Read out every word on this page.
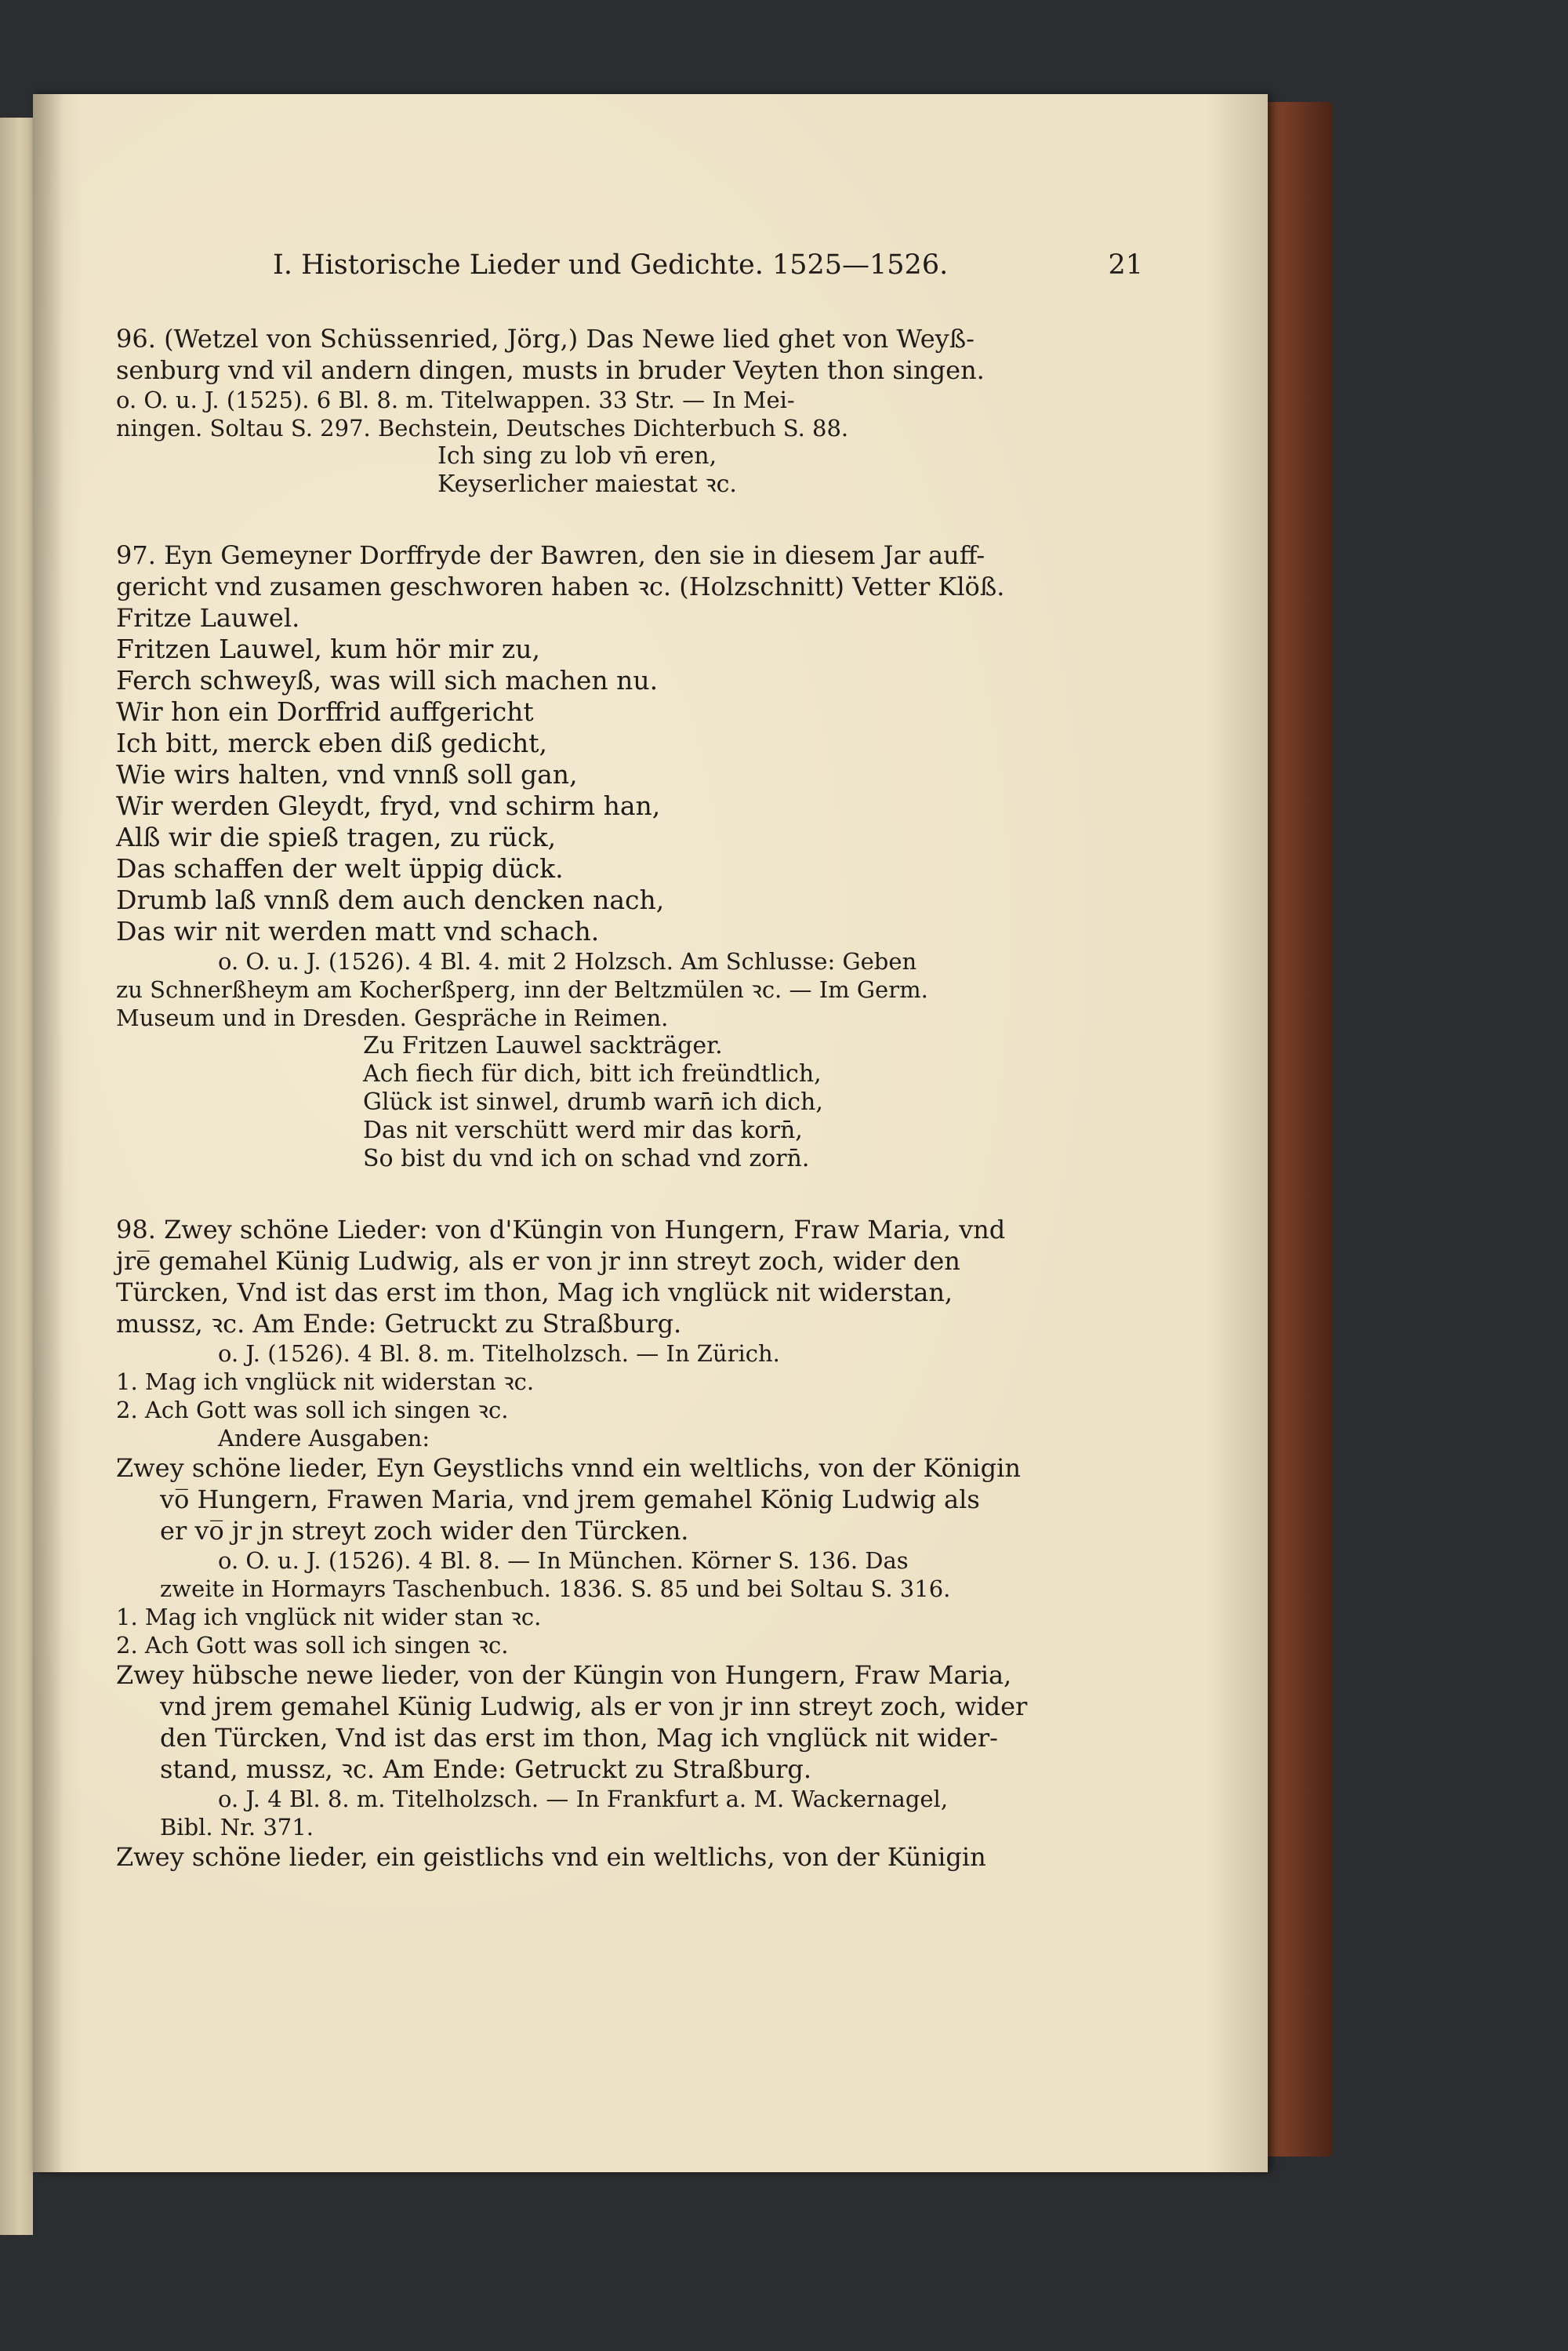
I. Historische Lieder und Gedichte. 1525—1526.	21

96. (Wetzel von Schüssenried, Jörg,) Das Newe lied ghet von Weyß-

senburg vnd vil andern dingen, musts in bruder Veyten thon singen.

o. O. u. J. (1525). 6 Bl. 8. m. Titelwappen. 33 Str. — In Mei-

ningen. Soltau S. 297. Bechstein, Deutsches Dichterbuch S. 88.

Ich sing zu lob vn̄ eren,

Keyserlicher maiestat ꝛc.

97. Eyn Gemeyner Dorffryde der Bawren, den sie in diesem Jar auff-

gericht vnd zusamen geschworen haben ꝛc. (Holzschnitt) Vetter Klöß.

Fritze Lauwel.

Fritzen Lauwel, kum hör mir zu,

Ferch schweyß, was will sich machen nu.

Wir hon ein Dorffrid auffgericht

Ich bitt, merck eben diß gedicht,

Wie wirs halten, vnd vnnß soll gan,

Wir werden Gleydt, fryd, vnd schirm han,

Alß wir die spieß tragen, zu rück,

Das schaffen der welt üppig dück.

Drumb laß vnnß dem auch dencken nach,

Das wir nit werden matt vnd schach.

o. O. u. J. (1526). 4 Bl. 4. mit 2 Holzsch. Am Schlusse: Geben

zu Schnerßheym am Kocherßperg, inn der Beltzmülen ꝛc. — Im Germ.

Museum und in Dresden. Gespräche in Reimen.

Zu Fritzen Lauwel sackträger.

Ach fiech für dich, bitt ich freündtlich,

Glück ist sinwel, drumb warn̄ ich dich,

Das nit verschütt werd mir das korn̄,

So bist du vnd ich on schad vnd zorn̄.

98. Zwey schöne Lieder: von d'Küngin von Hungern, Fraw Maria, vnd

jre̅ gemahel Künig Ludwig, als er von jr inn streyt zoch, wider den

Türcken, Vnd ist das erst im thon, Mag ich vnglück nit widerstan,

mussz, ꝛc. Am Ende: Getruckt zu Straßburg.

o. J. (1526). 4 Bl. 8. m. Titelholzsch. — In Zürich.

1. Mag ich vnglück nit widerstan ꝛc.

2. Ach Gott was soll ich singen ꝛc.

Andere Ausgaben:

Zwey schöne lieder, Eyn Geystlichs vnnd ein weltlichs, von der Königin

vo̅ Hungern, Frawen Maria, vnd jrem gemahel König Ludwig als

er vo̅ jr jn streyt zoch wider den Türcken.

o. O. u. J. (1526). 4 Bl. 8. — In München. Körner S. 136. Das

zweite in Hormayrs Taschenbuch. 1836. S. 85 und bei Soltau S. 316.

1. Mag ich vnglück nit wider stan ꝛc.

2. Ach Gott was soll ich singen ꝛc.

Zwey hübsche newe lieder, von der Küngin von Hungern, Fraw Maria,

vnd jrem gemahel Künig Ludwig, als er von jr inn streyt zoch, wider

den Türcken, Vnd ist das erst im thon, Mag ich vnglück nit wider-

stand, mussz, ꝛc. Am Ende: Getruckt zu Straßburg.

o. J. 4 Bl. 8. m. Titelholzsch. — In Frankfurt a. M. Wackernagel,

Bibl. Nr. 371.

Zwey schöne lieder, ein geistlichs vnd ein weltlichs, von der Künigin
